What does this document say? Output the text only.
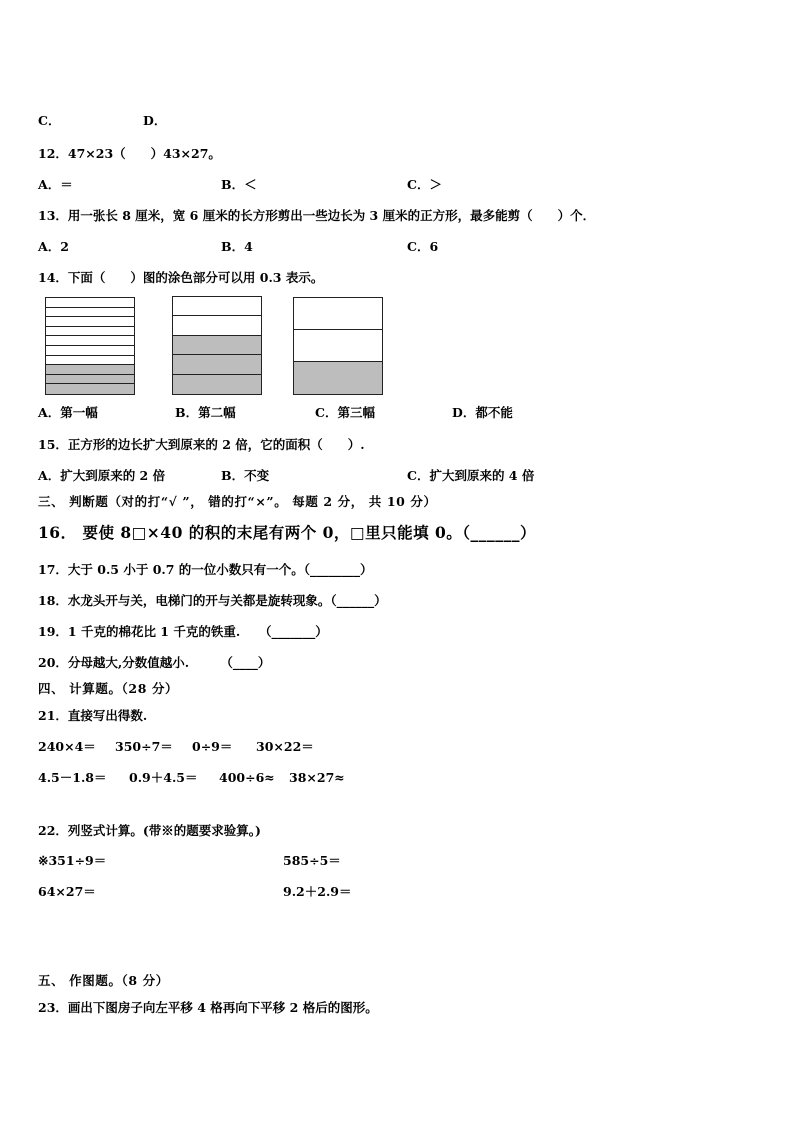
C．	D．
12．47×23（　　）43×27。
A．＝	B．＜	C．＞
13．用一张长 8 厘米，宽 6 厘米的长方形剪出一些边长为 3 厘米的正方形，最多能剪（　　）个．
A．2	B．4	C．6
14．下面（　　）图的涂色部分可以用 0.3 表示。
A．第一幅	B．第二幅	C．第三幅	D．都不能
15．正方形的边长扩大到原来的 2 倍，它的面积（　　）.
A．扩大到原来的 2 倍	B．不变	C．扩大到原来的 4 倍
三、 判断题（对的打“√ ”， 错的打“×”。 每题 2 分， 共 10 分）
16． 要使 8□×40 的积的末尾有两个 0，□里只能填 0。（______）
17．大于 0.5 小于 0.7 的一位小数只有一个。（________）
18．水龙头开与关，电梯门的开与关都是旋转现象。（______）
19．1 千克的棉花比 1 千克的铁重.　　（_______）
20．分母越大,分数值越小.　　　（____）
四、 计算题。（28 分）
21．直接写出得数.
240×4＝ 350÷7＝ 0÷9＝ 30×22＝
4.5－1.8＝ 0.9＋4.5＝ 400÷6≈ 38×27≈
22．列竖式计算。(带※的题要求验算。)
※351÷9＝	585÷5＝
64×27＝	9.2＋2.9＝
五、 作图题。（8 分）
23．画出下图房子向左平移 4 格再向下平移 2 格后的图形。
